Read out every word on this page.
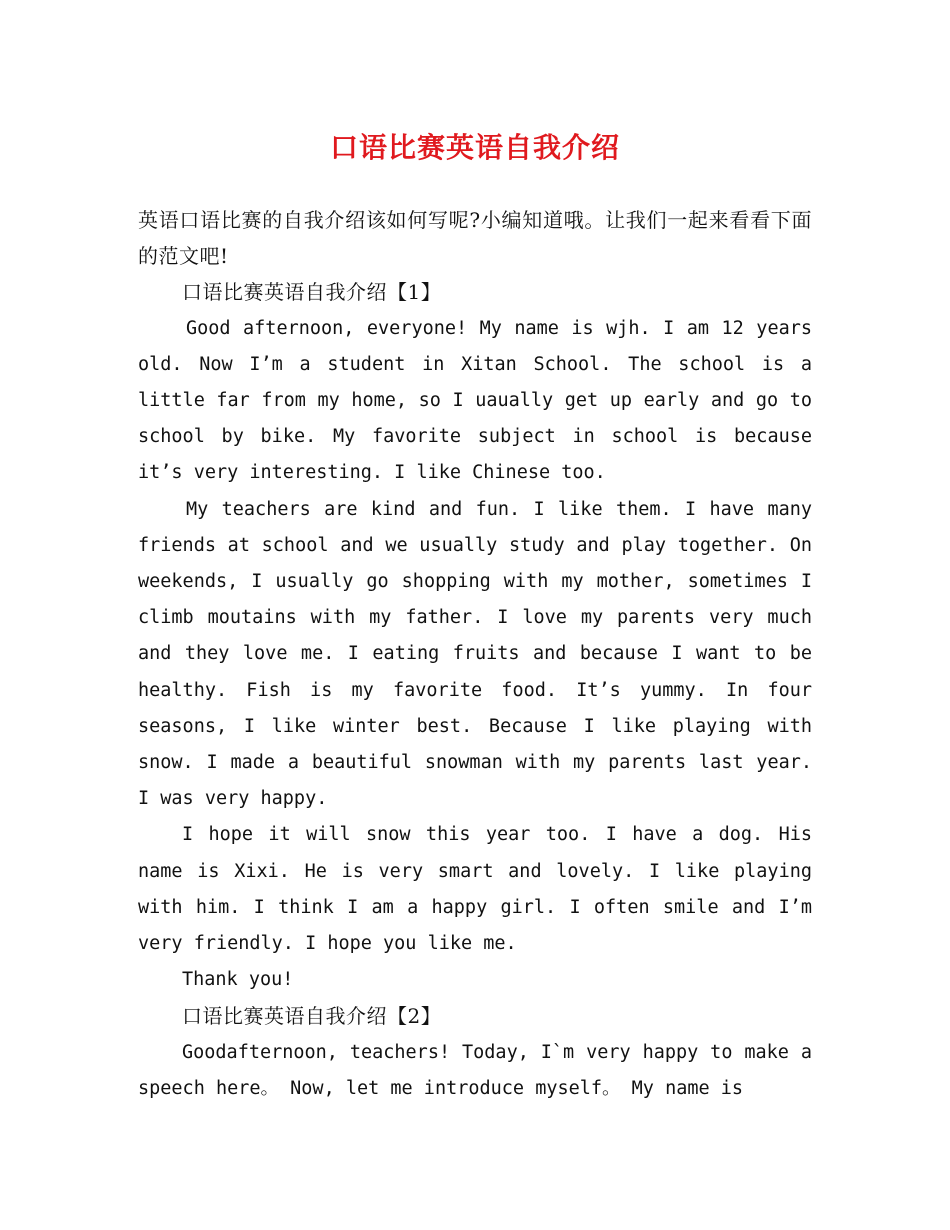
口语比赛英语自我介绍

英语口语比赛的自我介绍该如何写呢?小编知道哦。让我们一起来看看下面的范文吧!

口语比赛英语自我介绍【1】

Good afternoon, everyone! My name is wjh. I am 12 years old. Now I’m a student in Xitan School. The school is a little far from my home, so I uaually get up early and go to school by bike. My favorite subject in school is because it’s very interesting. I like Chinese too.

My teachers are kind and fun. I like them. I have many friends at school and we usually study and play together. On weekends, I usually go shopping with my mother, sometimes I climb moutains with my father. I love my parents very much and they love me. I eating fruits and because I want to be healthy. Fish is my favorite food. It’s yummy. In four seasons, I like winter best. Because I like playing with snow. I made a beautiful snowman with my parents last year. I was very happy.

I hope it will snow this year too. I have a dog. His name is Xixi. He is very smart and lovely. I like playing with him. I think I am a happy girl. I often smile and I’m very friendly. I hope you like me.

Thank you!

口语比赛英语自我介绍【2】

Goodafternoon, teachers! Today, I`m very happy to make a speech here。 Now, let me introduce myself。 My name is
